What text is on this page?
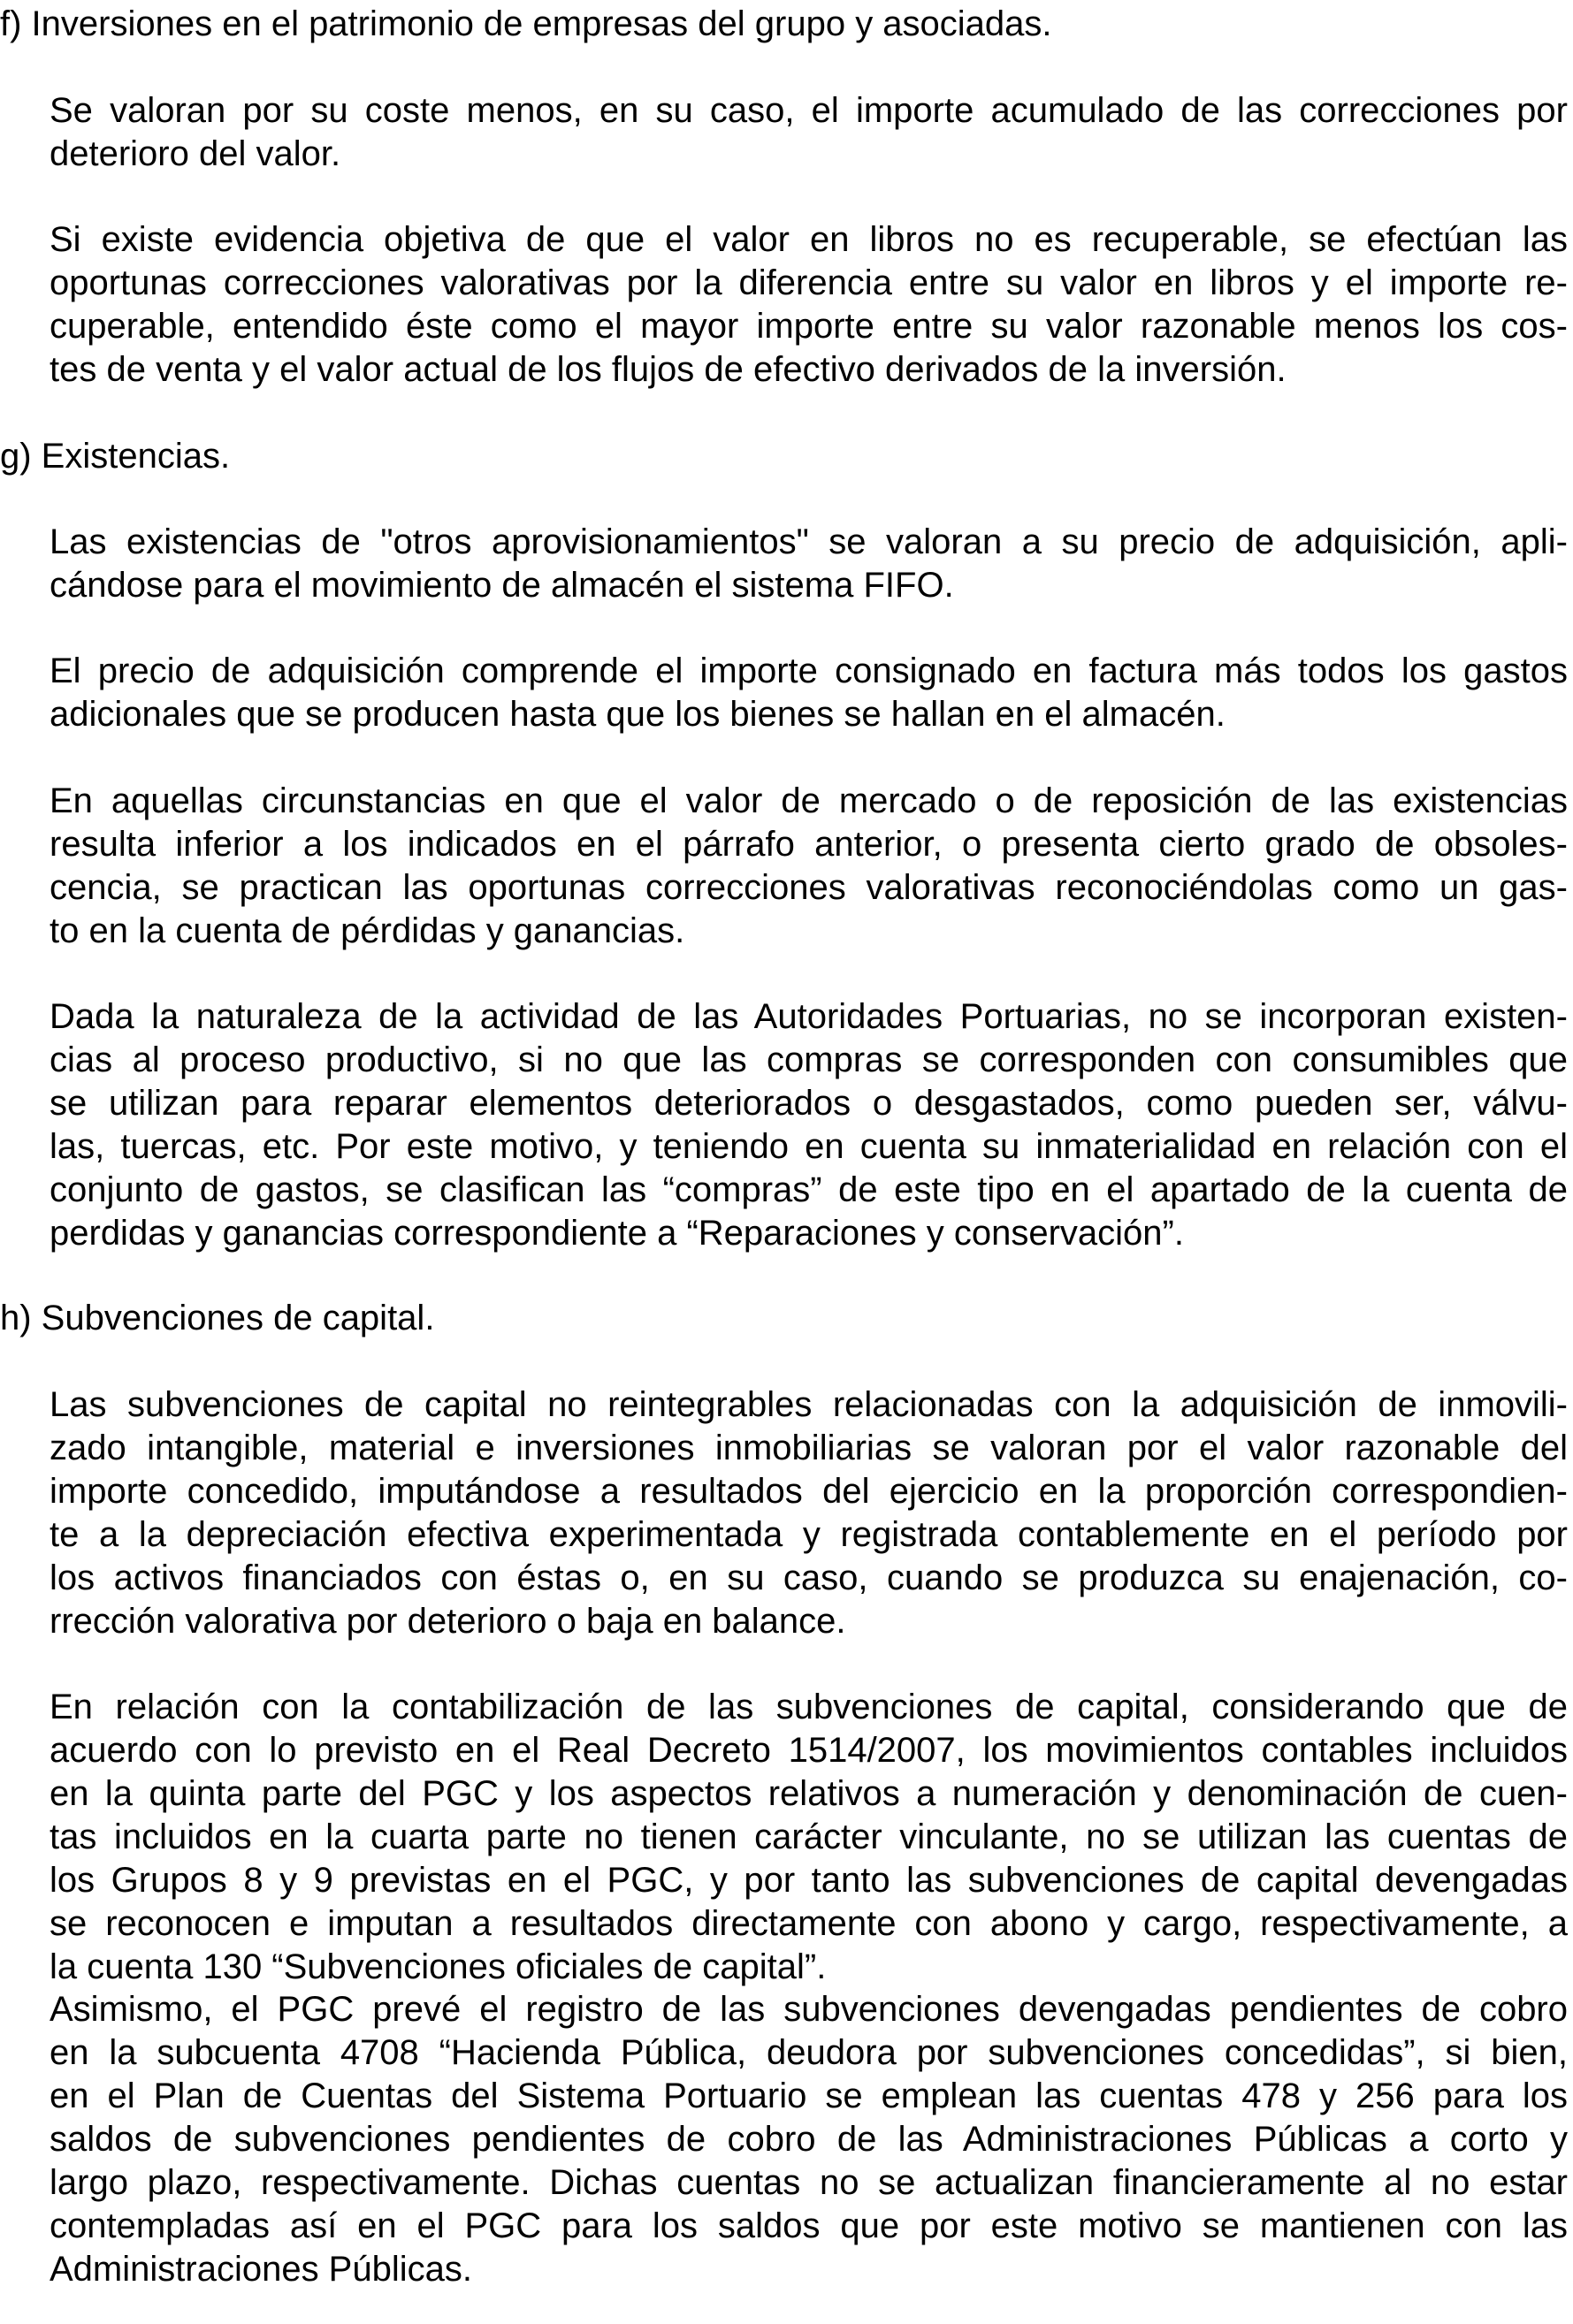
f) Inversiones en el patrimonio de empresas del grupo y asociadas.

Se valoran por su coste menos, en su caso, el importe acumulado de las correcciones por
deterioro del valor.

Si existe evidencia objetiva de que el valor en libros no es recuperable, se efectúan las
oportunas correcciones valorativas por la diferencia entre su valor en libros y el importe re-
cuperable, entendido éste como el mayor importe entre su valor razonable menos los cos-
tes de venta y el valor actual de los flujos de efectivo derivados de la inversión.

g) Existencias.

Las existencias de "otros aprovisionamientos" se valoran a su precio de adquisición, apli-
cándose para el movimiento de almacén el sistema FIFO.

El precio de adquisición comprende el importe consignado en factura más todos los gastos
adicionales que se producen hasta que los bienes se hallan en el almacén.

En aquellas circunstancias en que el valor de mercado o de reposición de las existencias
resulta inferior a los indicados en el párrafo anterior, o presenta cierto grado de obsoles-
cencia, se practican las oportunas correcciones valorativas reconociéndolas como un gas-
to en la cuenta de pérdidas y ganancias.

Dada la naturaleza de la actividad de las Autoridades Portuarias, no se incorporan existen-
cias al proceso productivo, si no que las compras se corresponden con consumibles que
se utilizan para reparar elementos deteriorados o desgastados, como pueden ser, válvu-
las, tuercas, etc. Por este motivo, y teniendo en cuenta su inmaterialidad en relación con el
conjunto de gastos, se clasifican las “compras” de este tipo en el apartado de la cuenta de
perdidas y ganancias correspondiente a “Reparaciones y conservación”.

h) Subvenciones de capital.

Las subvenciones de capital no reintegrables relacionadas con la adquisición de inmovili-
zado intangible, material e inversiones inmobiliarias se valoran por el valor razonable del
importe concedido, imputándose a resultados del ejercicio en la proporción correspondien-
te a la depreciación efectiva experimentada y registrada contablemente en el período por
los activos financiados con éstas o, en su caso, cuando se produzca su enajenación, co-
rrección valorativa por deterioro o baja en balance.

En relación con la contabilización de las subvenciones de capital, considerando que de
acuerdo con lo previsto en el Real Decreto 1514/2007, los movimientos contables incluidos
en la quinta parte del PGC y los aspectos relativos a numeración y denominación de cuen-
tas incluidos en la cuarta parte no tienen carácter vinculante, no se utilizan las cuentas de
los Grupos 8 y 9 previstas en el PGC, y por tanto las subvenciones de capital devengadas
se reconocen e imputan a resultados directamente con abono y cargo, respectivamente, a
la cuenta 130 “Subvenciones oficiales de capital”.

Asimismo, el PGC prevé el registro de las subvenciones devengadas pendientes de cobro
en la subcuenta 4708 “Hacienda Pública, deudora por subvenciones concedidas”, si bien,
en el Plan de Cuentas del Sistema Portuario se emplean las cuentas 478 y 256 para los
saldos de subvenciones pendientes de cobro de las Administraciones Públicas a corto y
largo plazo, respectivamente. Dichas cuentas no se actualizan financieramente al no estar
contempladas así en el PGC para los saldos que por este motivo se mantienen con las
Administraciones Públicas.
